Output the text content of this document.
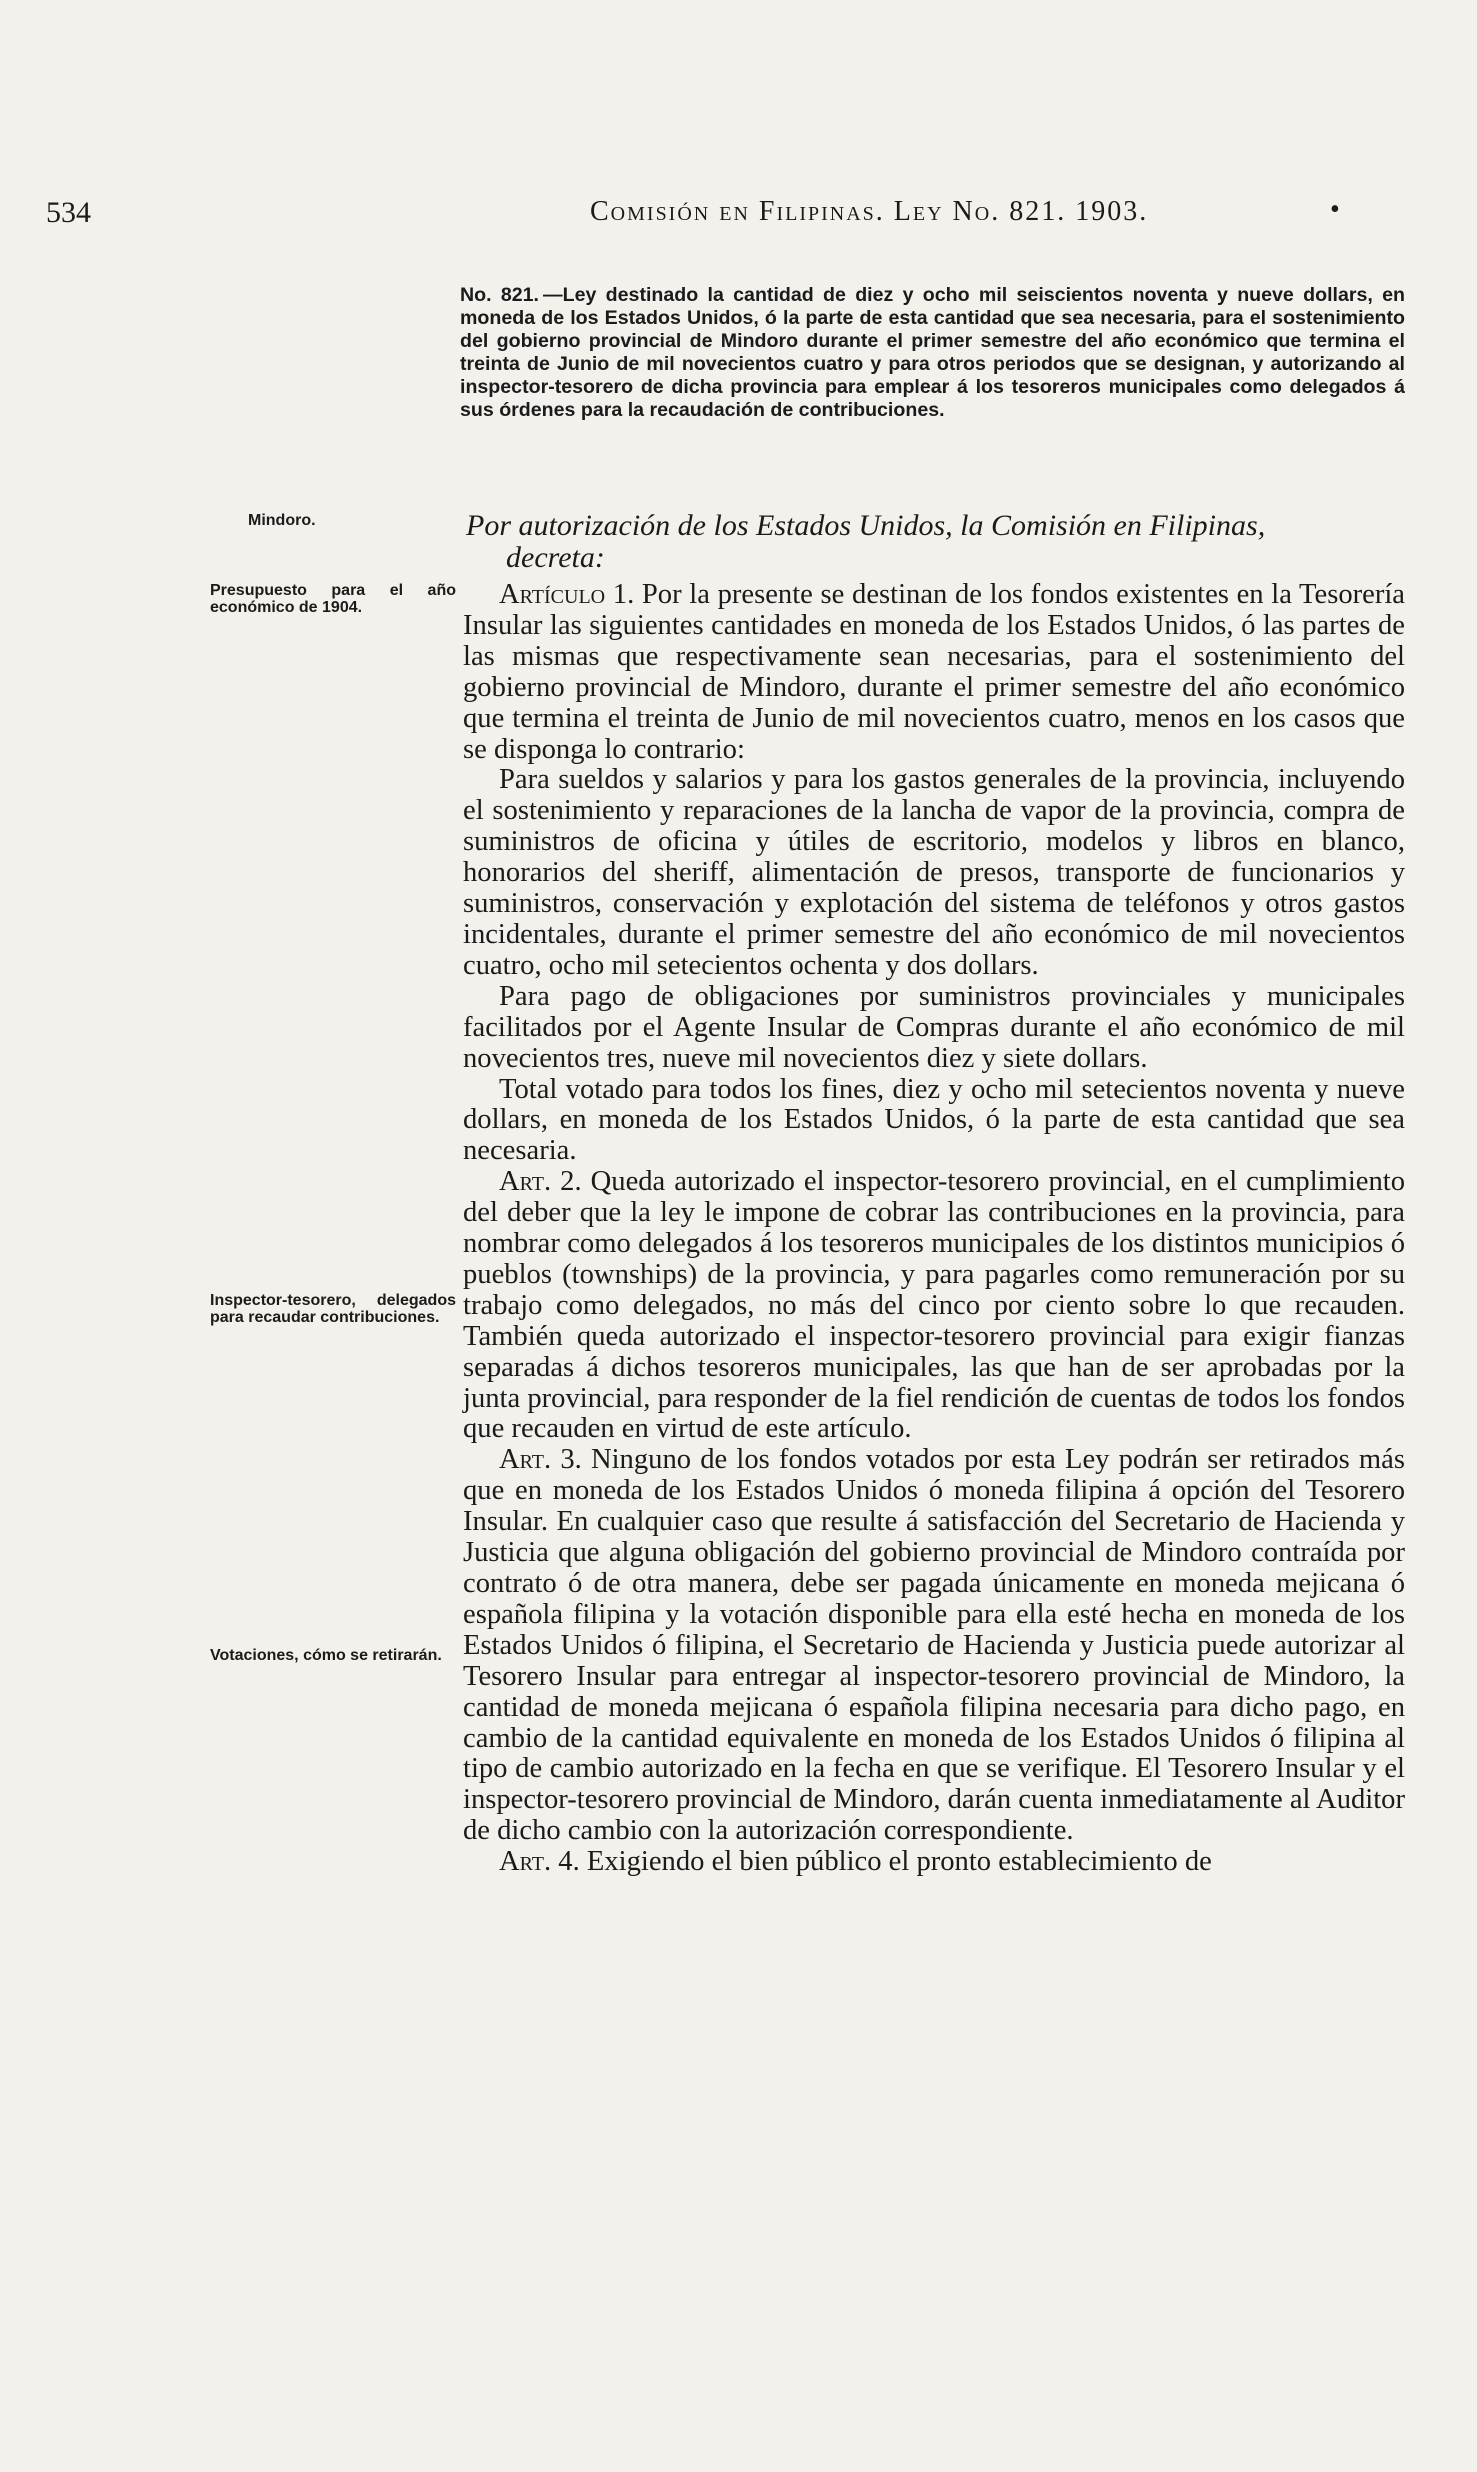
534	Comisión en Filipinas. Ley No. 821. 1903.	•

No. 821. —Ley destinado la cantidad de diez y ocho mil seiscientos noventa y nueve dollars, en moneda de los Estados Unidos, ó la parte de esta cantidad que sea necesaria, para el sostenimiento del gobierno provincial de Mindoro durante el primer semestre del año económico que termina el treinta de Junio de mil novecientos cuatro y para otros periodos que se designan, y autorizando al inspector-tesorero de dicha provincia para emplear á los tesoreros municipales como delegados á sus órdenes para la recaudación de contribuciones.

Mindoro.	Por autorización de los Estados Unidos, la Comisión en Filipinas,
decreta:
Presupuesto para el año económico de 1904.
Inspector-tesorero, delegados para recaudar contribuciones.
Votaciones, cómo se retirarán.

Artículo 1. Por la presente se destinan de los fondos existentes en la Tesorería Insular las siguientes cantidades en moneda de los Estados Unidos, ó las partes de las mismas que respectivamente sean necesarias, para el sostenimiento del gobierno provincial de Mindoro, durante el primer semestre del año económico que termina el treinta de Junio de mil novecientos cuatro, menos en los casos que se disponga lo contrario:

Para sueldos y salarios y para los gastos generales de la provincia, incluyendo el sostenimiento y reparaciones de la lancha de vapor de la provincia, compra de suministros de oficina y útiles de escritorio, modelos y libros en blanco, honorarios del sheriff, alimentación de presos, transporte de funcionarios y suministros, conservación y explotación del sistema de teléfonos y otros gastos incidentales, durante el primer semestre del año económico de mil novecientos cuatro, ocho mil setecientos ochenta y dos dollars.

Para pago de obligaciones por suministros provinciales y municipales facilitados por el Agente Insular de Compras durante el año económico de mil novecientos tres, nueve mil novecientos diez y siete dollars.

Total votado para todos los fines, diez y ocho mil setecientos noventa y nueve dollars, en moneda de los Estados Unidos, ó la parte de esta cantidad que sea necesaria.

Art. 2. Queda autorizado el inspector-tesorero provincial, en el cumplimiento del deber que la ley le impone de cobrar las contribuciones en la provincia, para nombrar como delegados á los tesoreros municipales de los distintos municipios ó pueblos (townships) de la provincia, y para pagarles como remuneración por su trabajo como delegados, no más del cinco por ciento sobre lo que recauden. También queda autorizado el inspector-tesorero provincial para exigir fianzas separadas á dichos tesoreros municipales, las que han de ser aprobadas por la junta provincial, para responder de la fiel rendición de cuentas de todos los fondos que recauden en virtud de este artículo.

Art. 3. Ninguno de los fondos votados por esta Ley podrán ser retirados más que en moneda de los Estados Unidos ó moneda filipina á opción del Tesorero Insular. En cualquier caso que resulte á satisfacción del Secretario de Hacienda y Justicia que alguna obligación del gobierno provincial de Mindoro contraída por contrato ó de otra manera, debe ser pagada únicamente en moneda mejicana ó española filipina y la votación disponible para ella esté hecha en moneda de los Estados Unidos ó filipina, el Secretario de Hacienda y Justicia puede autorizar al Tesorero Insular para entregar al inspector-tesorero provincial de Mindoro, la cantidad de moneda mejicana ó española filipina necesaria para dicho pago, en cambio de la cantidad equivalente en moneda de los Estados Unidos ó filipina al tipo de cambio autorizado en la fecha en que se verifique. El Tesorero Insular y el inspector-tesorero provincial de Mindoro, darán cuenta inmediatamente al Auditor de dicho cambio con la autorización correspondiente.

Art. 4. Exigiendo el bien público el pronto establecimiento de
